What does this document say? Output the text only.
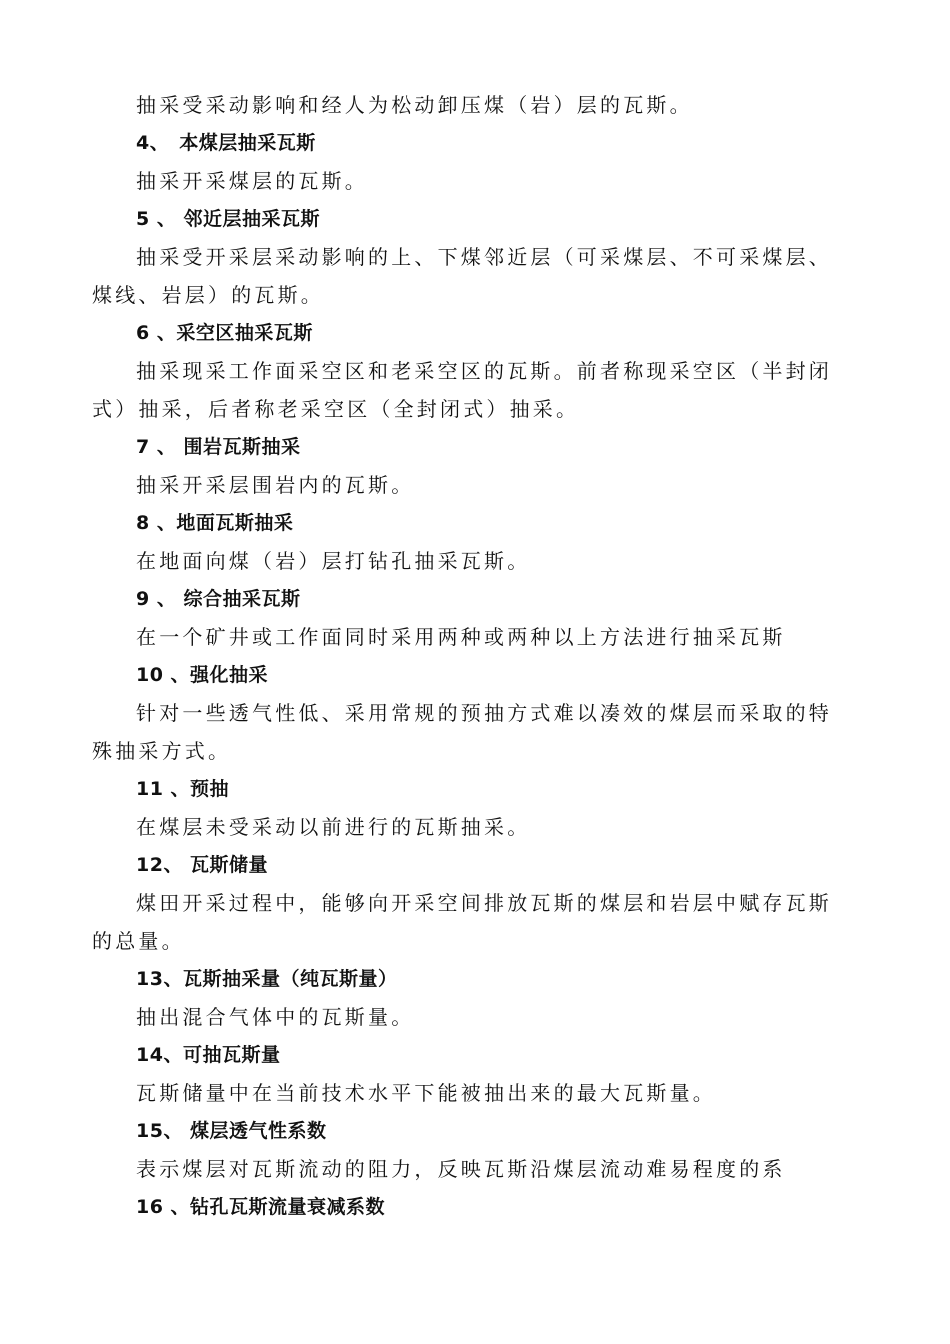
抽采受采动影响和经人为松动卸压煤（岩）层的瓦斯。
4、　本煤层抽采瓦斯
抽采开采煤层的瓦斯。
5 、 邻近层抽采瓦斯
抽采受开采层采动影响的上、下煤邻近层（可采煤层、不可采煤层、
煤线、岩层）的瓦斯。
6 、采空区抽采瓦斯
抽采现采工作面采空区和老采空区的瓦斯。前者称现采空区（半封闭
式）抽采，后者称老采空区（全封闭式）抽采。
7 、 围岩瓦斯抽采
抽采开采层围岩内的瓦斯。
8 、地面瓦斯抽采
在地面向煤（岩）层打钻孔抽采瓦斯。
9 、 综合抽采瓦斯
在一个矿井或工作面同时采用两种或两种以上方法进行抽采瓦斯
10 、强化抽采
针对一些透气性低、采用常规的预抽方式难以凑效的煤层而采取的特
殊抽采方式。
11 、预抽
在煤层未受采动以前进行的瓦斯抽采。
12、 瓦斯储量
煤田开采过程中，能够向开采空间排放瓦斯的煤层和岩层中赋存瓦斯
的总量。
13、瓦斯抽采量（纯瓦斯量）
抽出混合气体中的瓦斯量。
14、可抽瓦斯量
瓦斯储量中在当前技术水平下能被抽出来的最大瓦斯量。
15、 煤层透气性系数
表示煤层对瓦斯流动的阻力，反映瓦斯沿煤层流动难易程度的系
16 、钻孔瓦斯流量衰减系数
